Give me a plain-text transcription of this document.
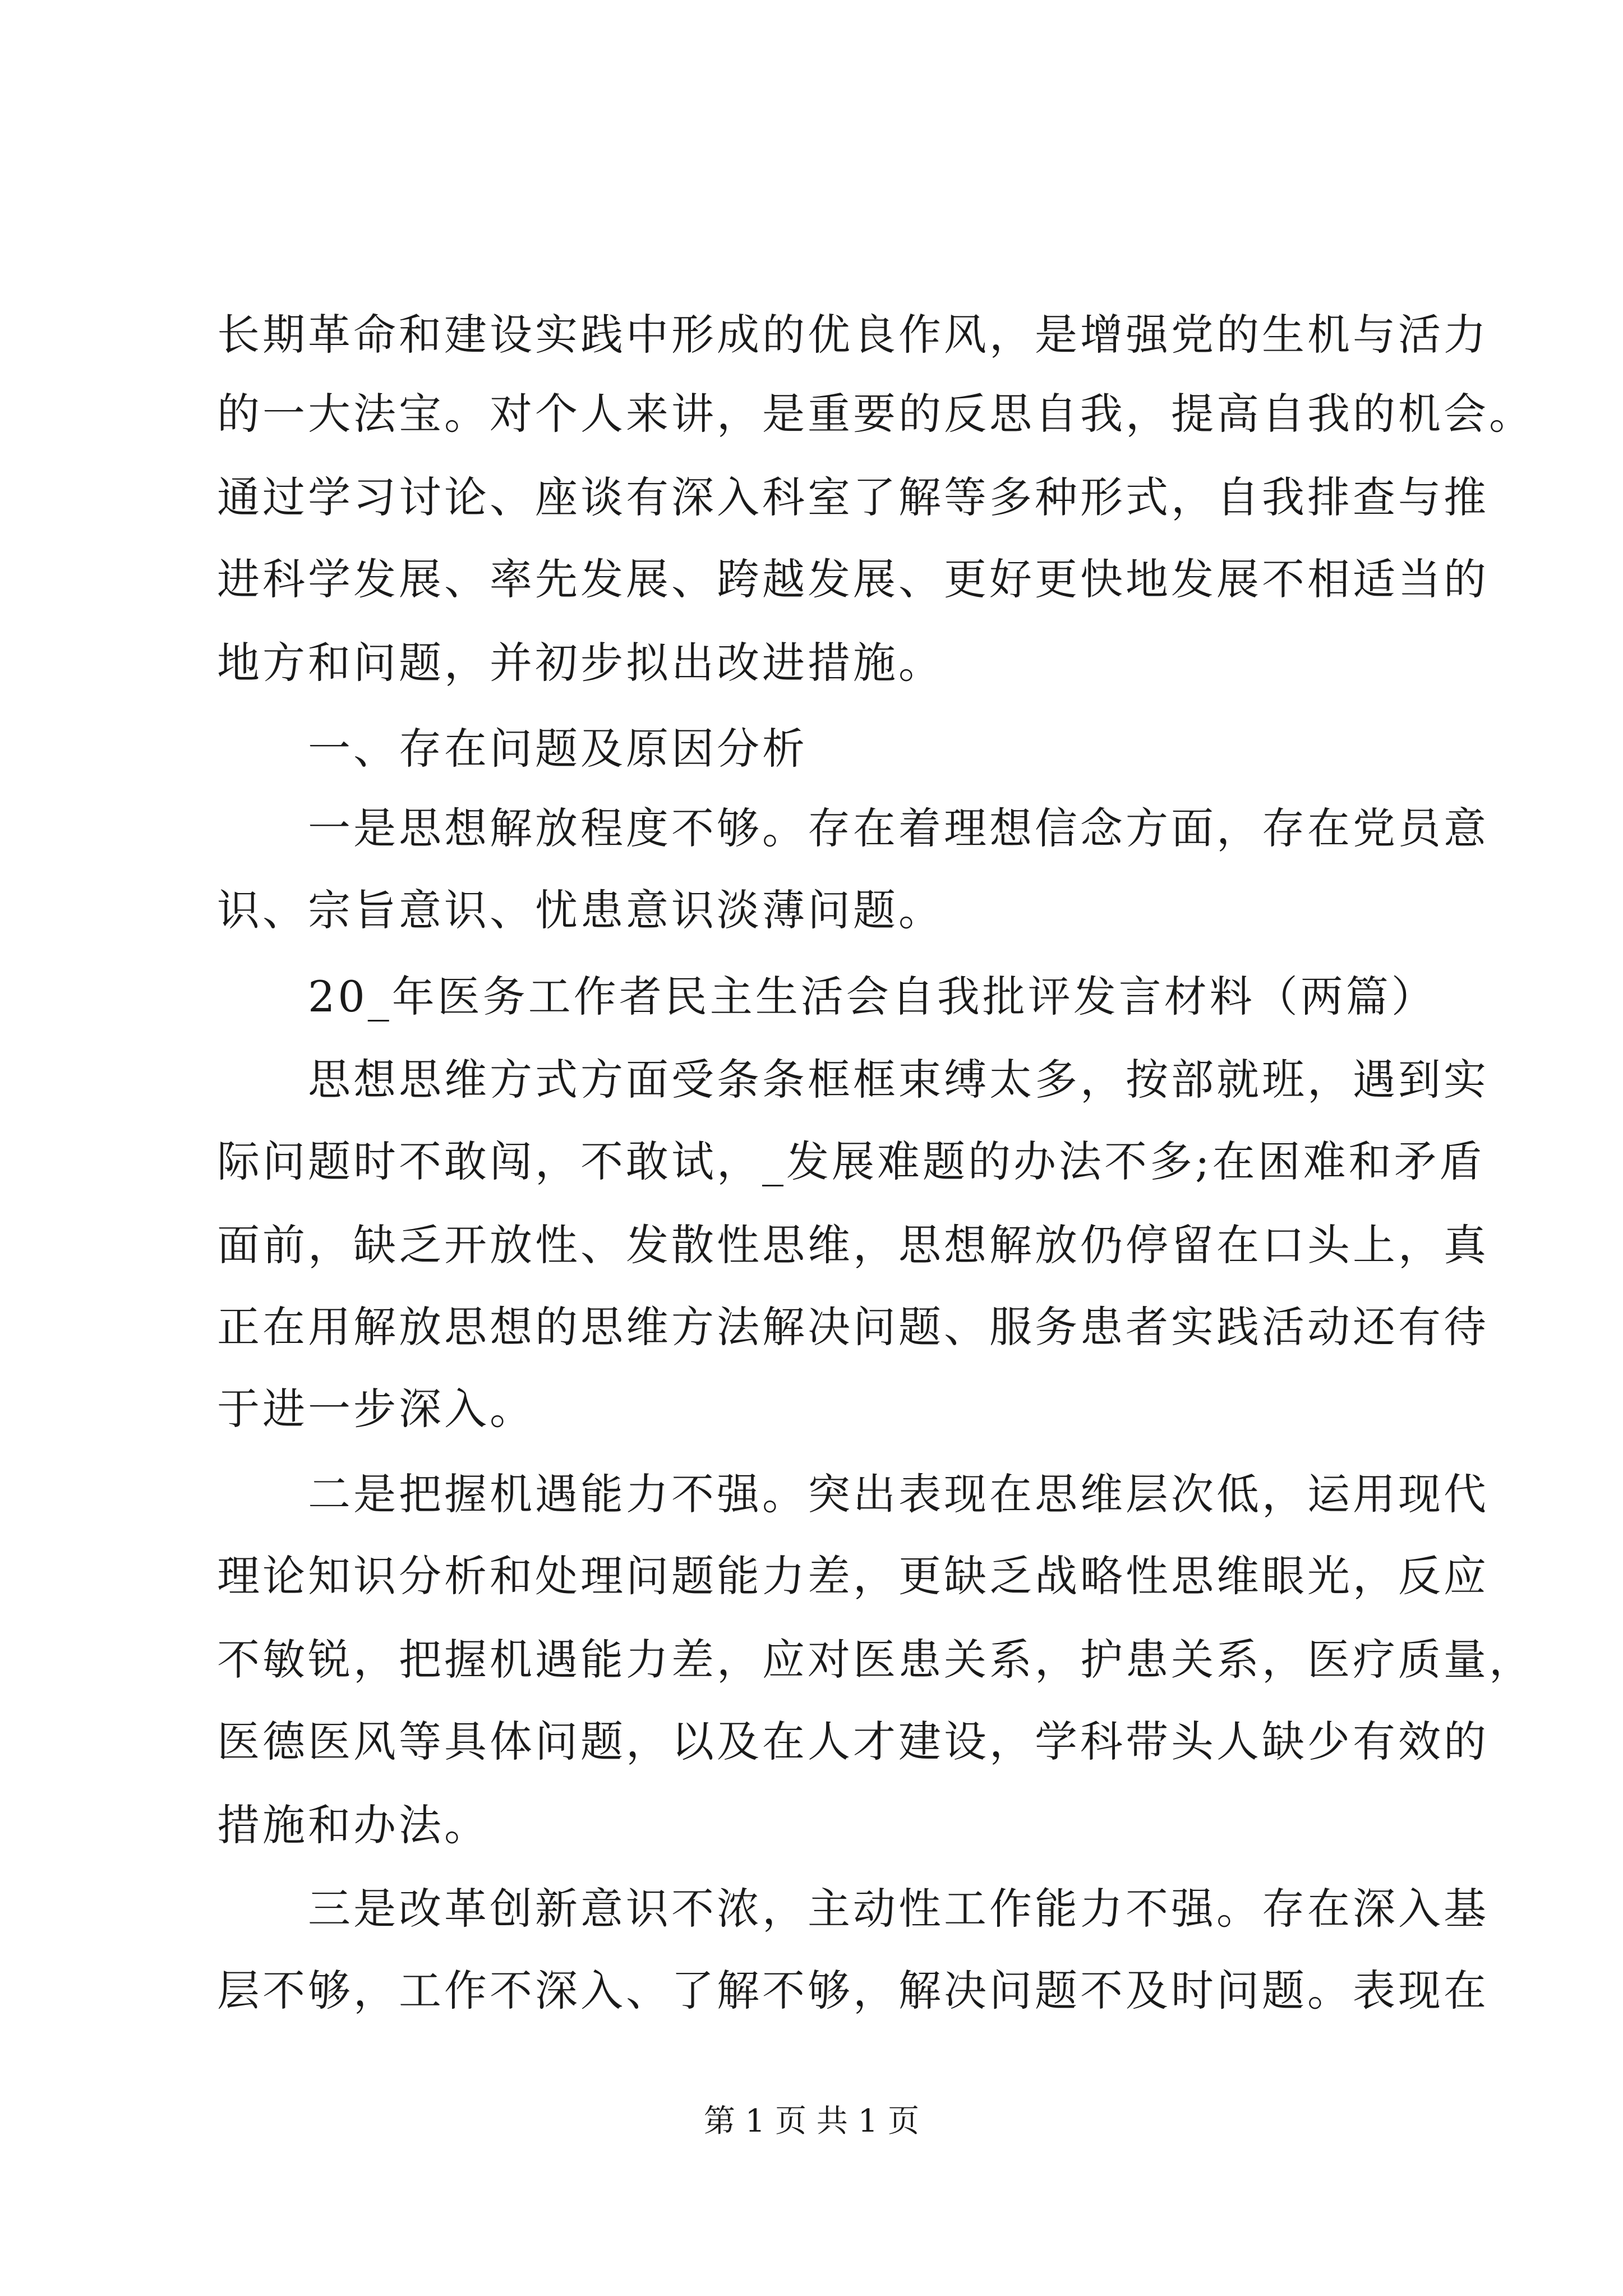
长期革命和建设实践中形成的优良作风，是增强党的生机与活力
的一大法宝。对个人来讲，是重要的反思自我，提高自我的机会。
通过学习讨论、座谈有深入科室了解等多种形式，自我排查与推
进科学发展、率先发展、跨越发展、更好更快地发展不相适当的
地方和问题，并初步拟出改进措施。
　　一、存在问题及原因分析
　　一是思想解放程度不够。存在着理想信念方面，存在党员意
识、宗旨意识、忧患意识淡薄问题。
　　20_年医务工作者民主生活会自我批评发言材料（两篇）
　　思想思维方式方面受条条框框束缚太多，按部就班，遇到实
际问题时不敢闯，不敢试，_发展难题的办法不多;在困难和矛盾
面前，缺乏开放性、发散性思维，思想解放仍停留在口头上，真
正在用解放思想的思维方法解决问题、服务患者实践活动还有待
于进一步深入。
　　二是把握机遇能力不强。突出表现在思维层次低，运用现代
理论知识分析和处理问题能力差，更缺乏战略性思维眼光，反应
不敏锐，把握机遇能力差，应对医患关系，护患关系，医疗质量，
医德医风等具体问题，以及在人才建设，学科带头人缺少有效的
措施和办法。
　　三是改革创新意识不浓，主动性工作能力不强。存在深入基
层不够，工作不深入、了解不够，解决问题不及时问题。表现在
第 1 页 共 1 页
